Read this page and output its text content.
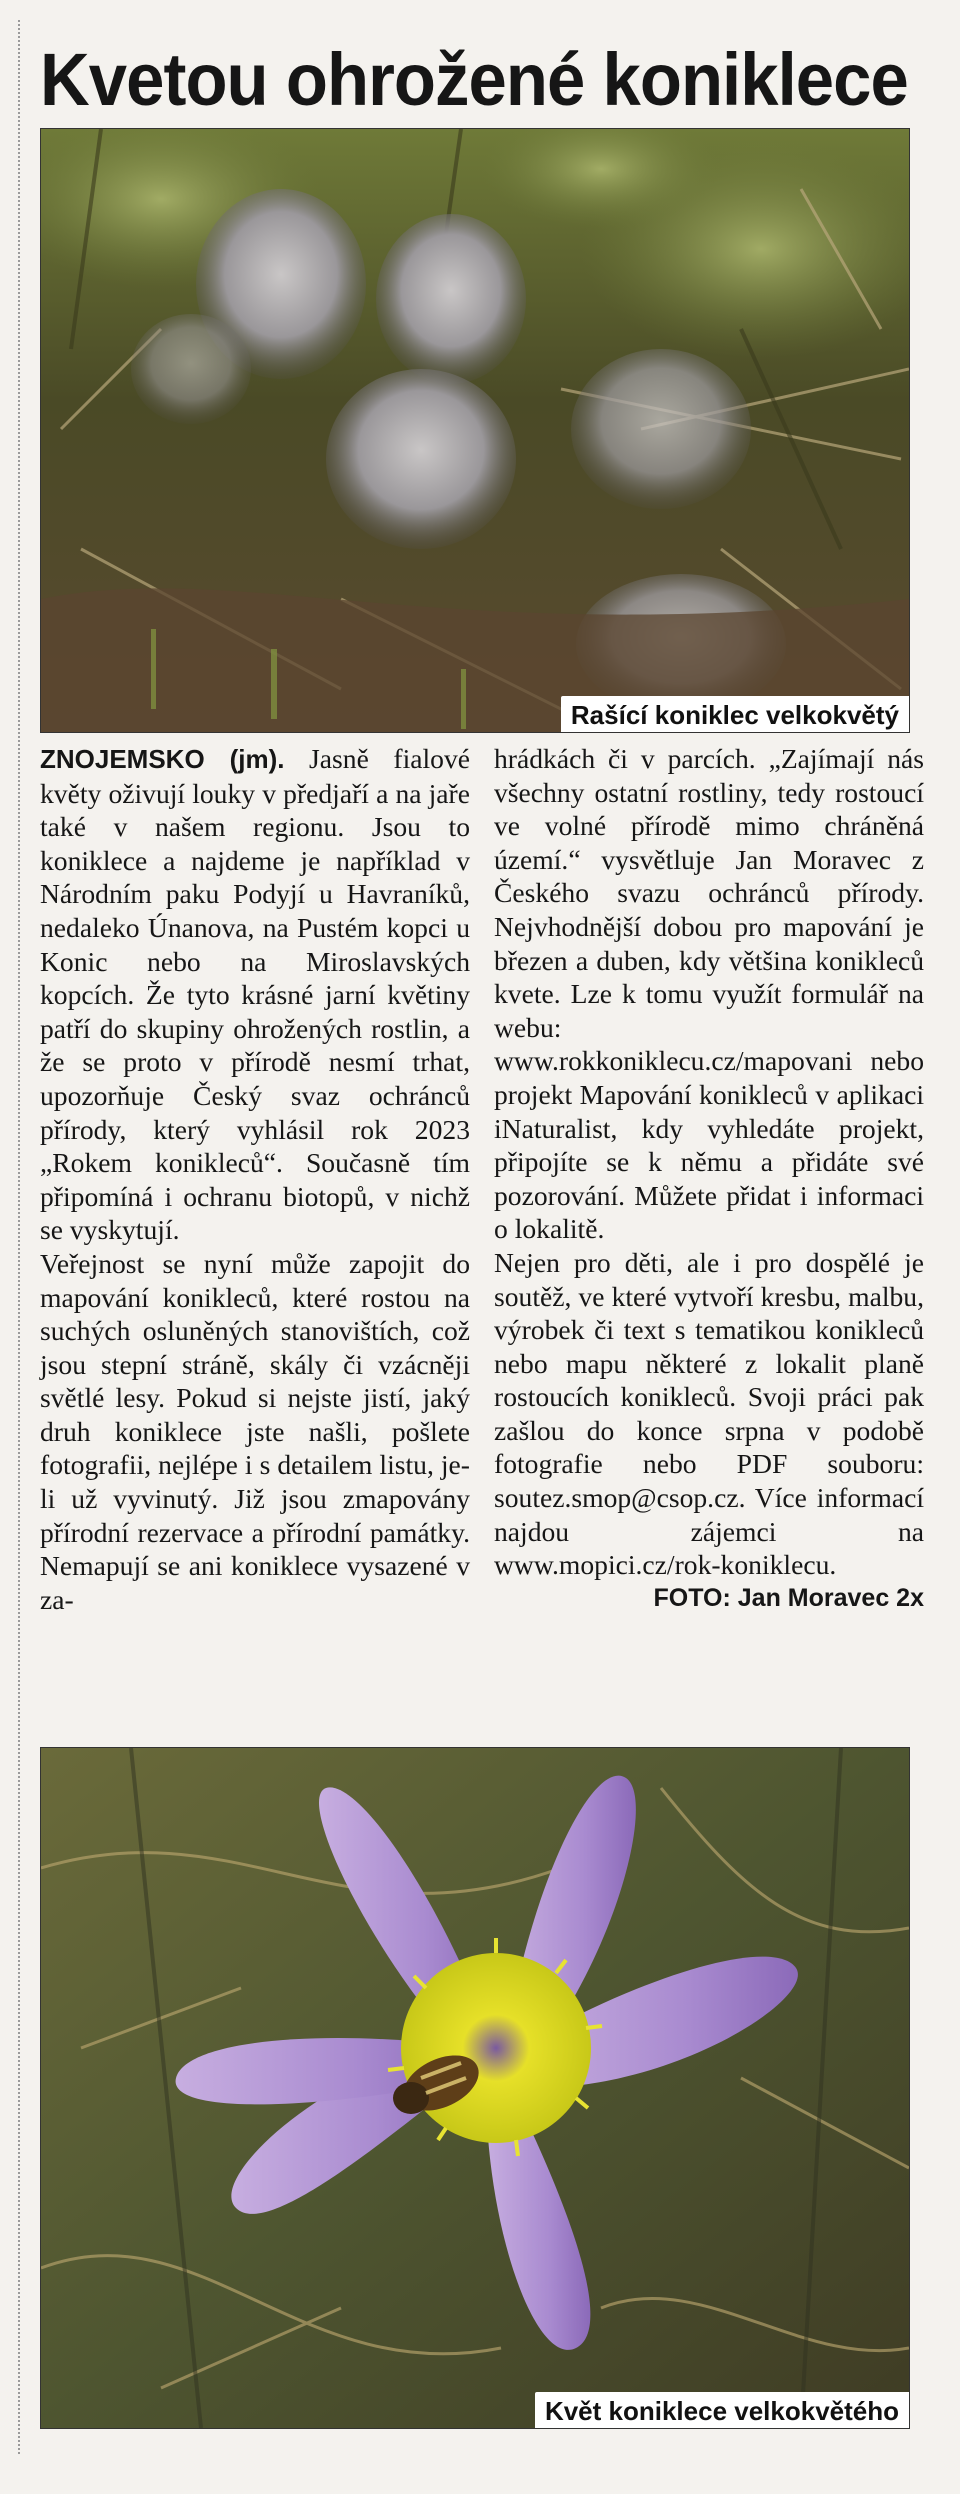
Kvetou ohrožené koniklece
Rašící koniklec velkokvětý

ZNOJEMSKO (jm). Jasně fialové květy oživují louky v předjaří a na jaře také v našem regionu. Jsou to koniklece a najdeme je například v Národním paku Podyjí u Havraníků, nedaleko Únanova, na Pustém kopci u Konic nebo na Miroslavských kopcích. Že tyto krásné jarní květiny patří do skupiny ohrožených rostlin, a že se proto v přírodě nesmí trhat, upozorňuje Český svaz ochránců přírody, který vyhlásil rok 2023 „Rokem konikleců“. Současně tím připomíná i ochranu biotopů, v nichž se vyskytují.

Veřejnost se nyní může zapojit do mapování konikleců, které rostou na suchých osluněných stanovištích, což jsou stepní stráně, skály či vzácněji světlé lesy. Pokud si nejste jistí, jaký druh koniklece jste našli, pošlete fotografii, nejlépe i s detailem listu, je-li už vyvinutý. Již jsou zmapovány přírodní rezervace a přírodní památky. Nemapují se ani koniklece vysazené v za-

hrádkách či v parcích. „Zajímají nás všechny ostatní rostliny, tedy rostoucí ve volné přírodě mimo chráněná území.“ vysvětluje Jan Moravec z Českého svazu ochránců přírody. Nejvhodnější dobou pro mapování je březen a duben, kdy většina konikleců kvete. Lze k tomu využít formulář na webu: www.rokkoniklecu.cz/mapovani nebo projekt Mapování konikleců v aplikaci iNaturalist, kdy vyhledáte projekt, připojíte se k němu a přidáte své pozorování. Můžete přidat i informaci o lokalitě.

Nejen pro děti, ale i pro dospělé je soutěž, ve které vytvoří kresbu, malbu, výrobek či text s tematikou konikleců nebo mapu některé z lokalit planě rostoucích konikleců. Svoji práci pak zašlou do konce srpna v podobě fotografie nebo PDF souboru: soutez.smop@csop.cz. Více informací najdou zájemci na www.mopici.cz/rok-koniklecu.

FOTO: Jan Moravec 2x

Květ koniklece velkokvětého
